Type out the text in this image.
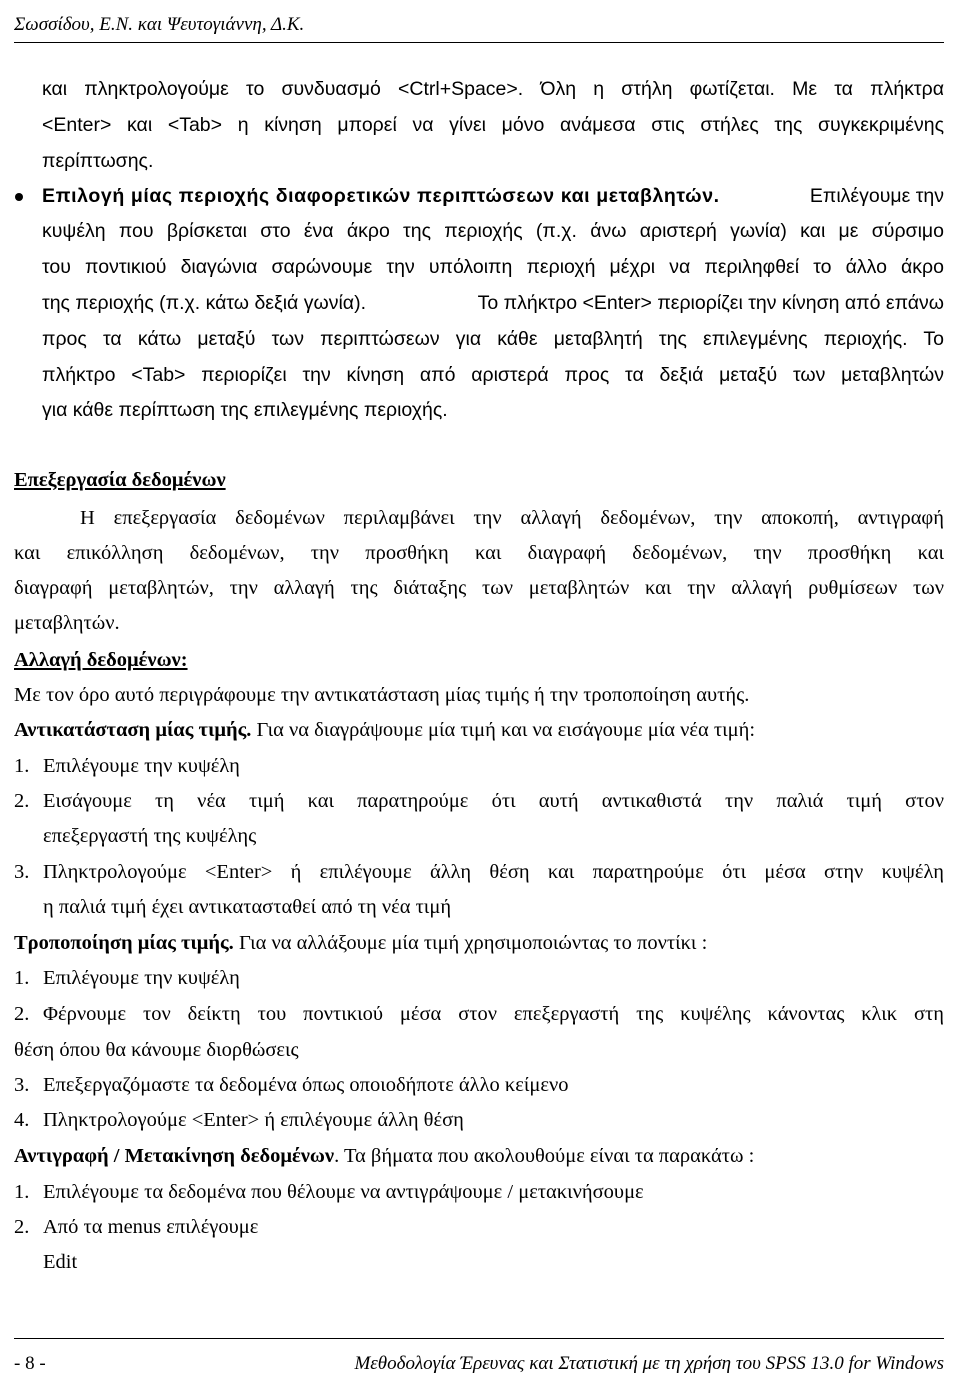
Σωσσίδου, Ε.Ν. και Ψευτογιάννη, Δ.Κ.
και πληκτρολογούμε το συνδυασμό <Ctrl+Space>. Όλη η στήλη φωτίζεται. Με τα πλήκτρα
<Enter> και <Tab> η κίνηση μπορεί να γίνει μόνο ανάμεσα στις στήλες της συγκεκριμένης
περίπτωσης.
Επιλογή μίας περιοχής διαφορετικών περιπτώσεων και μεταβλητών.	Επιλέγουμε την
κυψέλη που βρίσκεται στο ένα άκρο της περιοχής (π.χ. άνω αριστερή γωνία) και με σύρσιμο
του ποντικιού διαγώνια σαρώνουμε την υπόλοιπη περιοχή μέχρι να περιληφθεί το άλλο άκρο
της περιοχής (π.χ. κάτω δεξιά γωνία).	Το πλήκτρο <Enter> περιορίζει την κίνηση από επάνω
προς τα κάτω μεταξύ των περιπτώσεων για κάθε μεταβλητή της επιλεγμένης περιοχής. Το
πλήκτρο <Tab> περιορίζει την κίνηση από αριστερά προς τα δεξιά μεταξύ των μεταβλητών
για κάθε περίπτωση της επιλεγμένης περιοχής.
Επεξεργασία δεδομένων
Η επεξεργασία δεδομένων περιλαμβάνει την αλλαγή δεδομένων, την αποκοπή, αντιγραφή
και επικόλληση δεδομένων, την προσθήκη και διαγραφή δεδομένων, την προσθήκη και
διαγραφή μεταβλητών, την αλλαγή της διάταξης των μεταβλητών και την αλλαγή ρυθμίσεων των
μεταβλητών.
Αλλαγή δεδομένων:
Με τον όρο αυτό περιγράφουμε την αντικατάσταση μίας τιμής ή την τροποποίηση αυτής.
Αντικατάσταση μίας τιμής. Για να διαγράψουμε μία τιμή και να εισάγουμε μία νέα τιμή:
1. Επιλέγουμε την κυψέλη
2. Εισάγουμε τη νέα τιμή και παρατηρούμε ότι αυτή αντικαθιστά την παλιά τιμή στον
επεξεργαστή της κυψέλης
3. Πληκτρολογούμε <Enter> ή επιλέγουμε άλλη θέση και παρατηρούμε ότι μέσα στην κυψέλη
η παλιά τιμή έχει αντικατασταθεί από τη νέα τιμή
Τροποποίηση μίας τιμής. Για να αλλάξουμε μία τιμή χρησιμοποιώντας το ποντίκι :
1. Επιλέγουμε την κυψέλη
2. Φέρνουμε τον δείκτη του ποντικιού μέσα στον επεξεργαστή της κυψέλης κάνοντας κλικ στη
θέση όπου θα κάνουμε διορθώσεις
3. Επεξεργαζόμαστε τα δεδομένα όπως οποιοδήποτε άλλο κείμενο
4. Πληκτρολογούμε <Enter> ή επιλέγουμε άλλη θέση
Αντιγραφή / Μετακίνηση δεδομένων. Τα βήματα που ακολουθούμε είναι τα παρακάτω :
1. Επιλέγουμε τα δεδομένα που θέλουμε να αντιγράψουμε / μετακινήσουμε
2. Από τα menus επιλέγουμε
Edit
- 8 -	Μεθοδολογία Έρευνας και Στατιστική με τη χρήση του SPSS 13.0 for Windows
